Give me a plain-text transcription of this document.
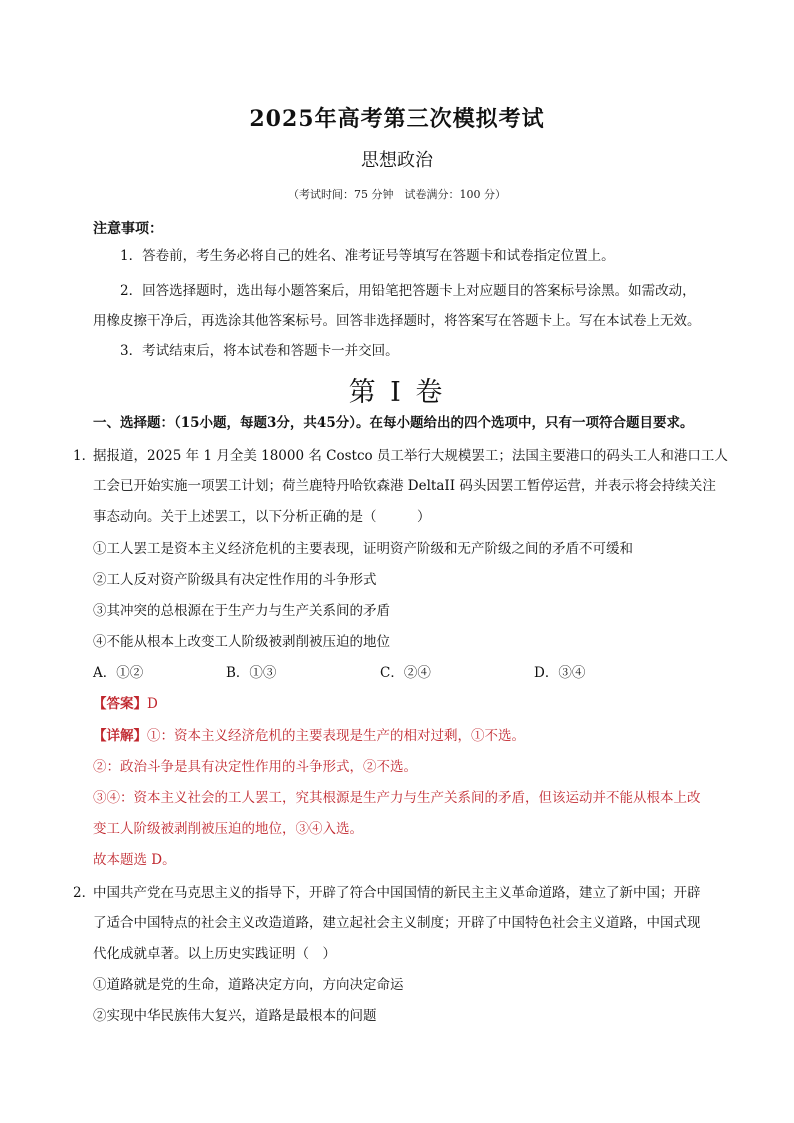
2025年高考第三次模拟考试
思想政治
（考试时间：75 分钟　试卷满分：100 分）
注意事项：
1．答卷前，考生务必将自己的姓名、准考证号等填写在答题卡和试卷指定位置上。
2．回答选择题时，选出每小题答案后，用铅笔把答题卡上对应题目的答案标号涂黑。如需改动，
用橡皮擦干净后，再选涂其他答案标号。回答非选择题时，将答案写在答题卡上。写在本试卷上无效。
3．考试结束后，将本试卷和答题卡一并交回。
第 I 卷
一、选择题：（15小题，每题3分，共45分）。在每小题给出的四个选项中，只有一项符合题目要求。
1．
据报道，2025 年 1 月全美 18000 名 Costco 员工举行大规模罢工；法国主要港口的码头工人和港口工人
工会已开始实施一项罢工计划；荷兰鹿特丹哈钦森港 DeltaII 码头因罢工暂停运营，并表示将会持续关注
事态动向。关于上述罢工，以下分析正确的是（　　　）
①工人罢工是资本主义经济危机的主要表现，证明资产阶级和无产阶级之间的矛盾不可缓和
②工人反对资产阶级具有决定性作用的斗争形式
③其冲突的总根源在于生产力与生产关系间的矛盾
④不能从根本上改变工人阶级被剥削被压迫的地位
A．①②	B．①③	C．②④	D．③④
【答案】D
【详解】①：资本主义经济危机的主要表现是生产的相对过剩，①不选。
②：政治斗争是具有决定性作用的斗争形式，②不选。
③④：资本主义社会的工人罢工，究其根源是生产力与生产关系间的矛盾，但该运动并不能从根本上改
变工人阶级被剥削被压迫的地位，③④入选。
故本题选 D。
2．
中国共产党在马克思主义的指导下，开辟了符合中国国情的新民主主义革命道路，建立了新中国；开辟
了适合中国特点的社会主义改造道路，建立起社会主义制度；开辟了中国特色社会主义道路，中国式现
代化成就卓著。以上历史实践证明（　）
①道路就是党的生命，道路决定方向，方向决定命运
②实现中华民族伟大复兴，道路是最根本的问题
